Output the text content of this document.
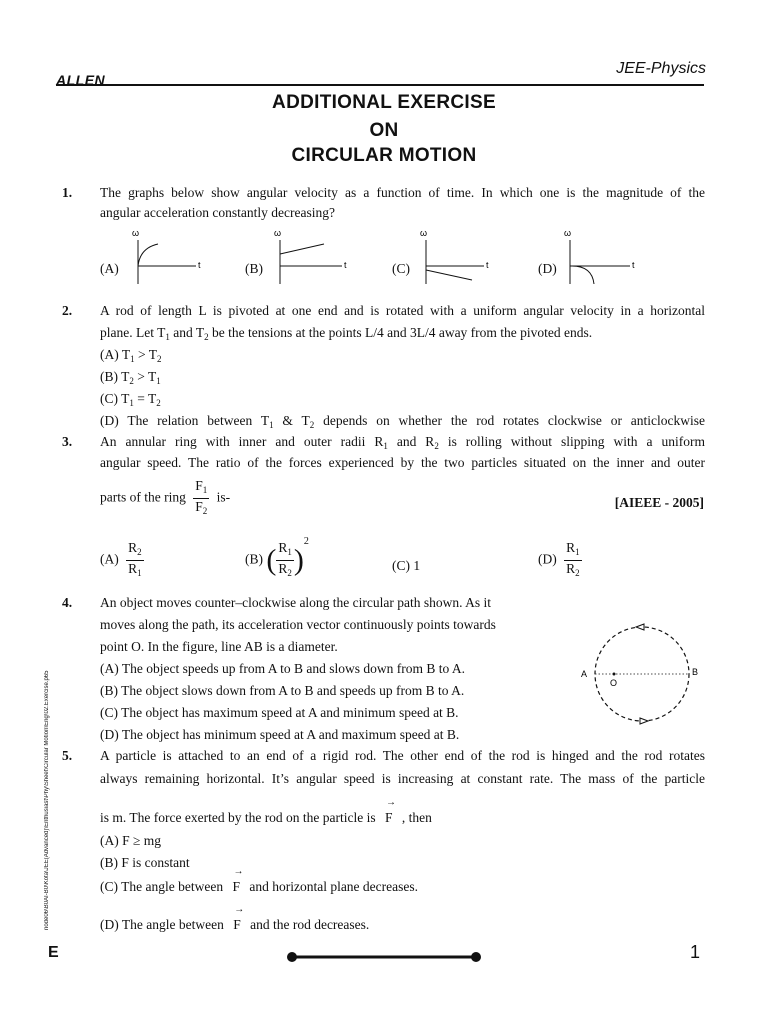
ALLEN
JEE-Physics
ADDITIONAL EXERCISE
ON
CIRCULAR MOTION
1. The graphs below show angular velocity as a function of time. In which one is the magnitude of the
angular acceleration constantly decreasing?
(A)	(B)	(C)	(D)
ω
t
ω
t
ω
t
ω
t
2. A rod of length L is pivoted at one end and is rotated with a uniform angular velocity in a horizontal
plane. Let $T_1$ and $T_2$ be the tensions at the points L/4 and 3L/4 away from the pivoted ends.
(A) $T_1 > T_2$
(B) $T_2 > T_1$
(C) $T_1 = T_2$
(D) The relation between $T_1$ & $T_2$ depends on whether the rod rotates clockwise or anticlockwise
3. An annular ring with inner and outer radii $R_1$ and $R_2$ is rolling without slipping with a uniform
angular speed. The ratio of the forces experienced by the two particles situated on the inner and outer
parts of the ring $\frac{F_1}{F_2} is-$	[AIEEE - 2005]
$(A) \frac{R_2}{R_1}$	(B) ( $\frac{R_1}{R_2} )^2$
(C) 1	$(D) \frac{R_1}{R_2}$
4. An object moves counter–clockwise along the circular path shown. As it
moves along the path, its acceleration vector continuously points towards
point O. In the figure, line AB is a diameter.
(A) The object speeds up from A to B and slows down from B to A.
(B) The object slows down from A to B and speeds up from B to A.
(C) The object has maximum speed at A and minimum speed at B.
(D) The object has minimum speed at A and maximum speed at B.
A	B
O
5. A particle is attached to an end of a rigid rod. The other end of the rod is hinged and the rod rotates
always remaining horizontal. It’s angular speed is increasing at constant rate. The mass of the particle
is m. The force exerted by the rod on the particle is
→
F , then
(A) F ≥ mg
(B) F is constant
(C) The angle between
→
F and horizontal plane decreases.
(D) The angle between
→
F and the rod decreases.
node06\B0AI-B0\Kota\JEE(Advanced)\Enthusiast\Phy\Sheet\Circular Motion\Eng\02.Exercise.p65
E	1
